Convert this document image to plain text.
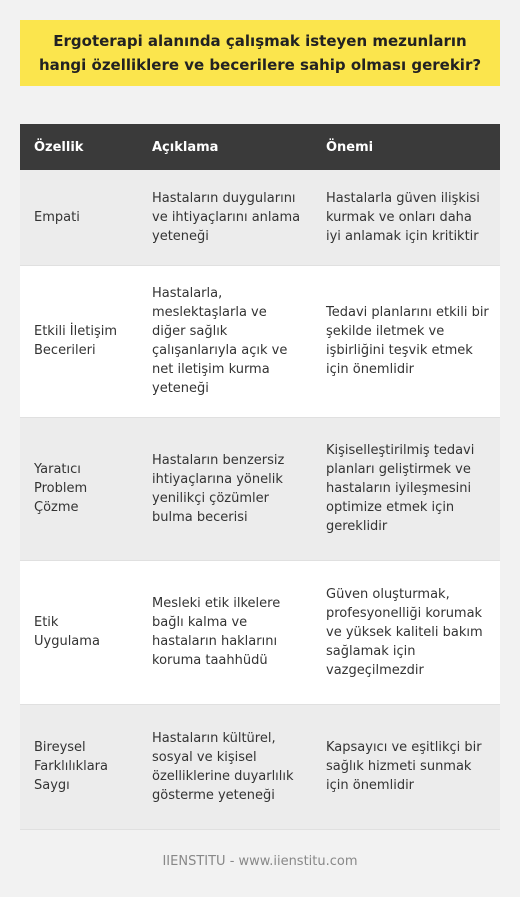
Ergoterapi alanında çalışmak isteyen mezunların hangi özelliklere ve becerilere sahip olması gerekir?
Özellik	Açıklama	Önemi
Empati	Hastaların duygularını ve ihtiyaçlarını anlama yeteneği	Hastalarla güven ilişkisi kurmak ve onları daha iyi anlamak için kritiktir
Etkili İletişim Becerileri	Hastalarla, meslektaşlarla ve diğer sağlık çalışanlarıyla açık ve net iletişim kurma yeteneği	Tedavi planlarını etkili bir şekilde iletmek ve işbirliğini teşvik etmek için önemlidir
Yaratıcı Problem Çözme	Hastaların benzersiz ihtiyaçlarına yönelik yenilikçi çözümler bulma becerisi	Kişiselleştirilmiş tedavi planları geliştirmek ve hastaların iyileşmesini optimize etmek için gereklidir
Etik Uygulama	Mesleki etik ilkelere bağlı kalma ve hastaların haklarını koruma taahhüdü	Güven oluşturmak, profesyonelliği korumak ve yüksek kaliteli bakım sağlamak için vazgeçilmezdir
Bireysel Farklılıklara Saygı	Hastaların kültürel, sosyal ve kişisel özelliklerine duyarlılık gösterme yeteneği	Kapsayıcı ve eşitlikçi bir sağlık hizmeti sunmak için önemlidir
IIENSTITU - www.iienstitu.com
